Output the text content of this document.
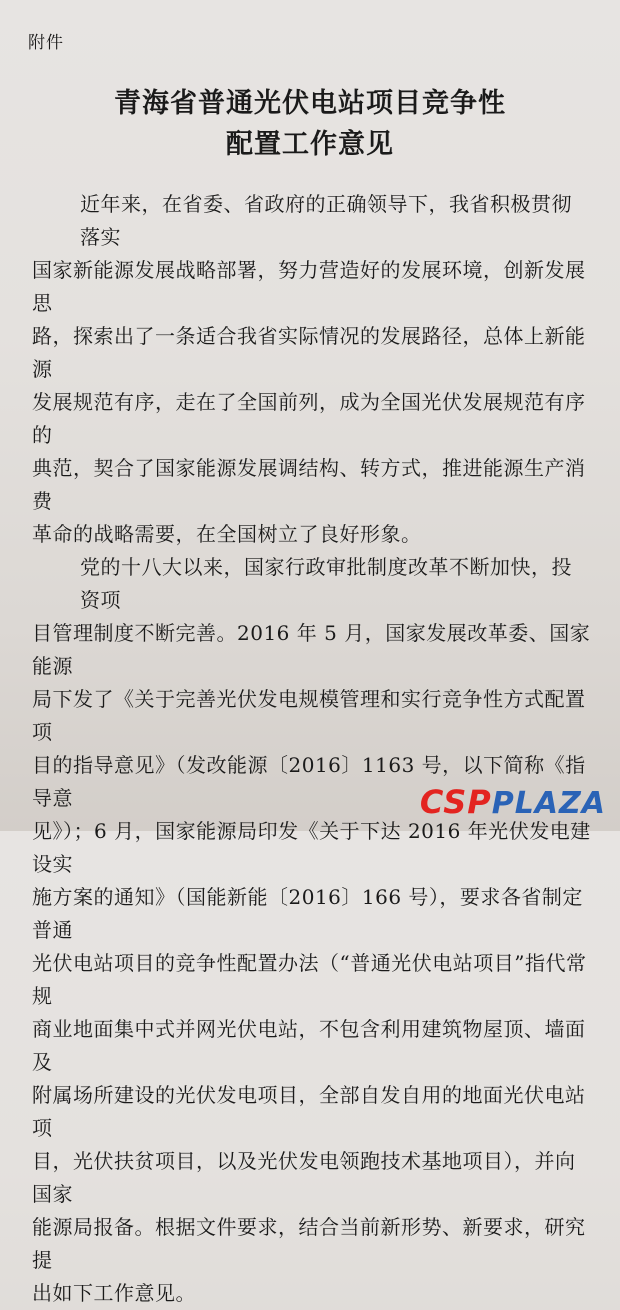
附件

青海省普通光伏电站项目竞争性
配置工作意见

近年来，在省委、省政府的正确领导下，我省积极贯彻落实

国家新能源发展战略部署，努力营造好的发展环境，创新发展思

路，探索出了一条适合我省实际情况的发展路径，总体上新能源

发展规范有序，走在了全国前列，成为全国光伏发展规范有序的

典范，契合了国家能源发展调结构、转方式，推进能源生产消费

革命的战略需要，在全国树立了良好形象。

党的十八大以来，国家行政审批制度改革不断加快，投资项

目管理制度不断完善。2016 年 5 月，国家发展改革委、国家能源

局下发了《关于完善光伏发电规模管理和实行竞争性方式配置项

目的指导意见》（发改能源〔2016〕1163 号，以下简称《指导意

见》）；6 月，国家能源局印发《关于下达 2016 年光伏发电建设实

施方案的通知》（国能新能〔2016〕166 号），要求各省制定普通

光伏电站项目的竞争性配置办法（“普通光伏电站项目”指代常规

商业地面集中式并网光伏电站，不包含利用建筑物屋顶、墙面及

附属场所建设的光伏发电项目，全部自发自用的地面光伏电站项

目，光伏扶贫项目，以及光伏发电领跑技术基地项目），并向国家

能源局报备。根据文件要求，结合当前新形势、新要求，研究提

出如下工作意见。

CSPPLAZA
